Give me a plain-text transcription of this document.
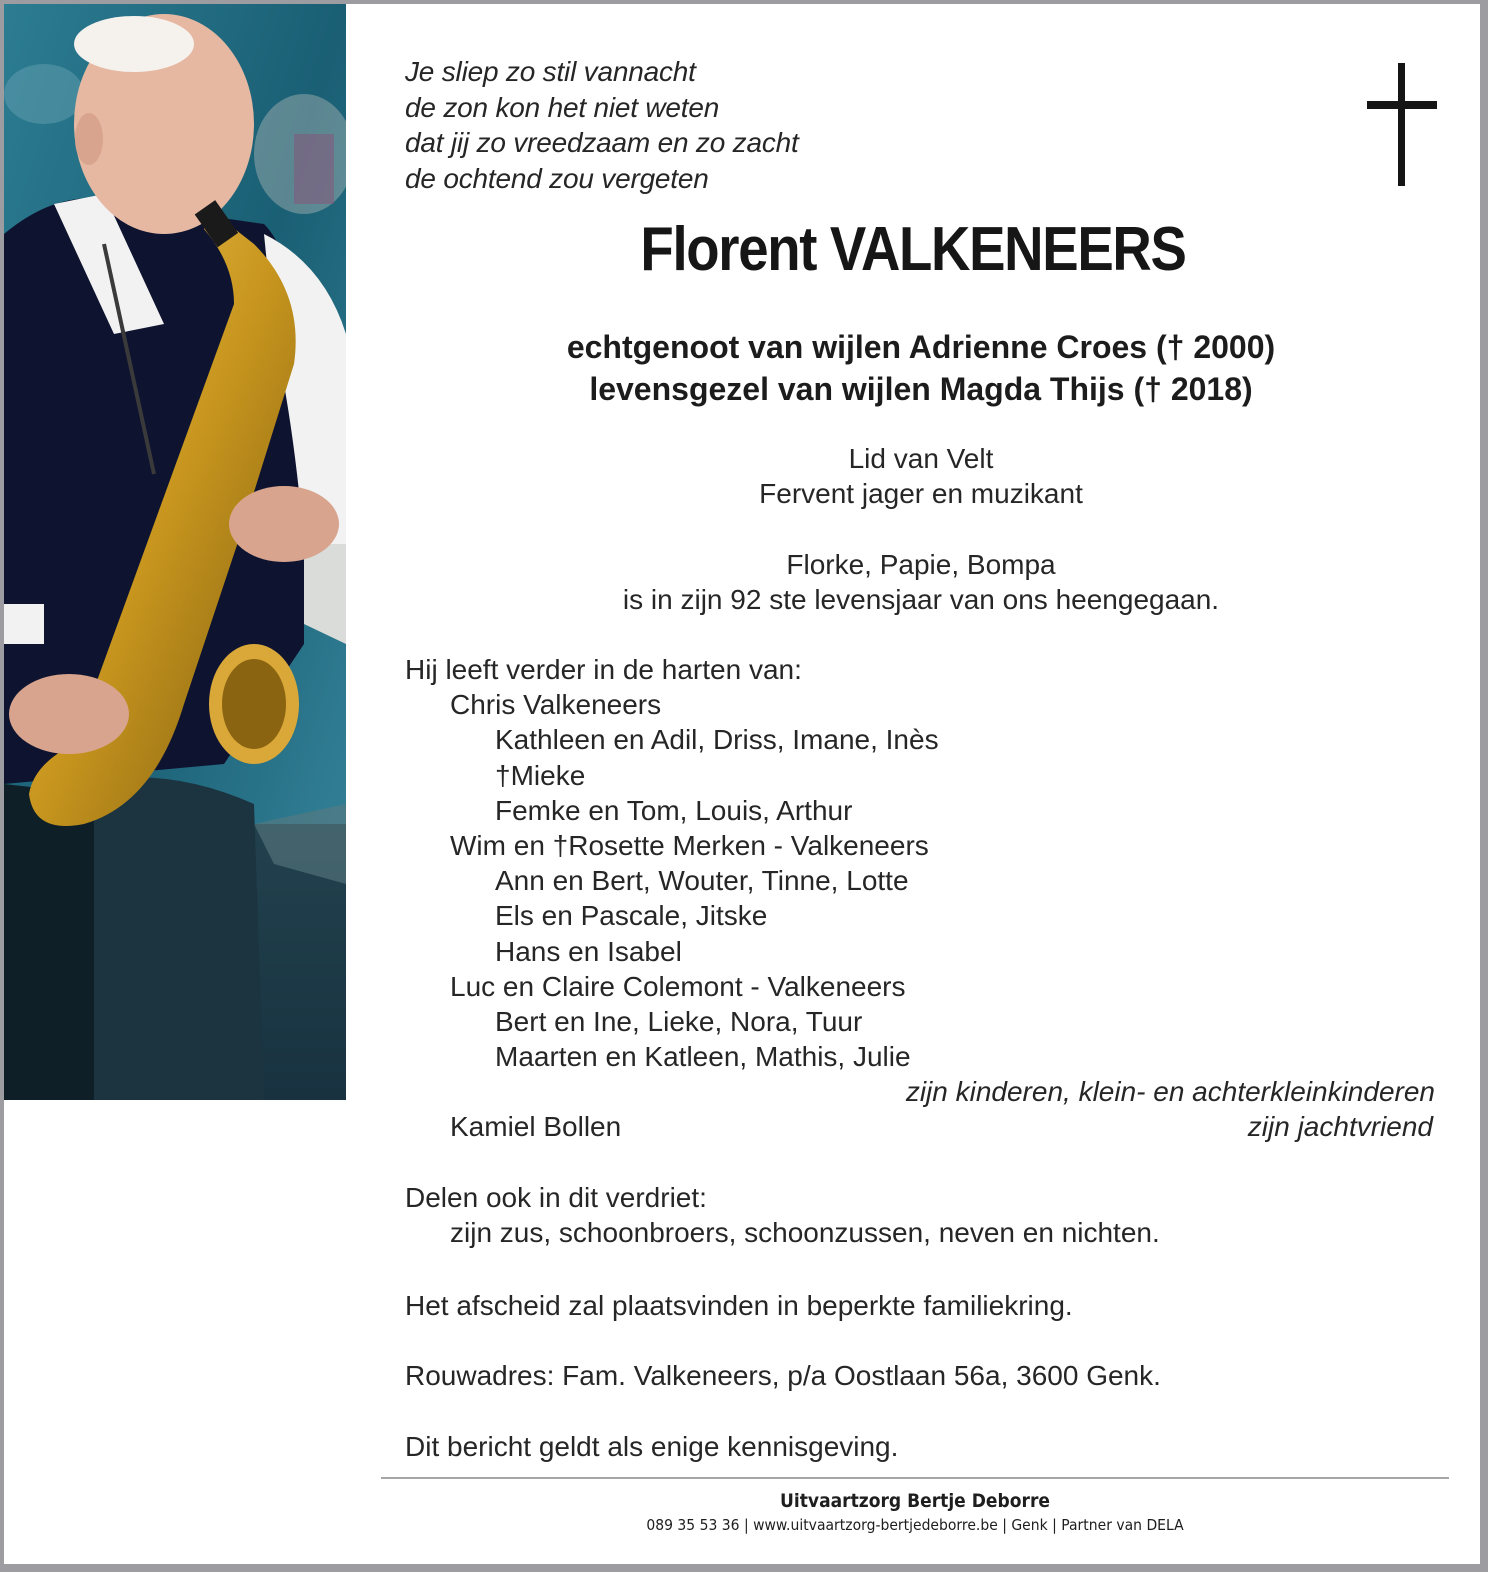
Je sliep zo stil vannacht
de zon kon het niet weten
dat jij zo vreedzaam en zo zacht
de ochtend zou vergeten
Florent VALKENEERS
echtgenoot van wijlen Adrienne Croes († 2000)
levensgezel van wijlen Magda Thijs († 2018)
Lid van Velt
Fervent jager en muzikant
Florke, Papie, Bompa
is in zijn 92 ste levensjaar van ons heengegaan.
Hij leeft verder in de harten van:
Chris Valkeneers
Kathleen en Adil, Driss, Imane, Inès
†Mieke
Femke en Tom, Louis, Arthur
Wim en †Rosette Merken - Valkeneers
Ann en Bert, Wouter, Tinne, Lotte
Els en Pascale, Jitske
Hans en Isabel
Luc en Claire Colemont - Valkeneers
Bert en Ine, Lieke, Nora, Tuur
Maarten en Katleen, Mathis, Julie
zijn kinderen, klein- en achterkleinkinderen
Kamiel Bollen	zijn jachtvriend
Delen ook in dit verdriet:
zijn zus, schoonbroers, schoonzussen, neven en nichten.
Het afscheid zal plaatsvinden in beperkte familiekring.
Rouwadres: Fam. Valkeneers, p/a Oostlaan 56a, 3600 Genk.
Dit bericht geldt als enige kennisgeving.
Uitvaartzorg Bertje Deborre
089 35 53 36 | www.uitvaartzorg-bertjedeborre.be | Genk | Partner van DELA
